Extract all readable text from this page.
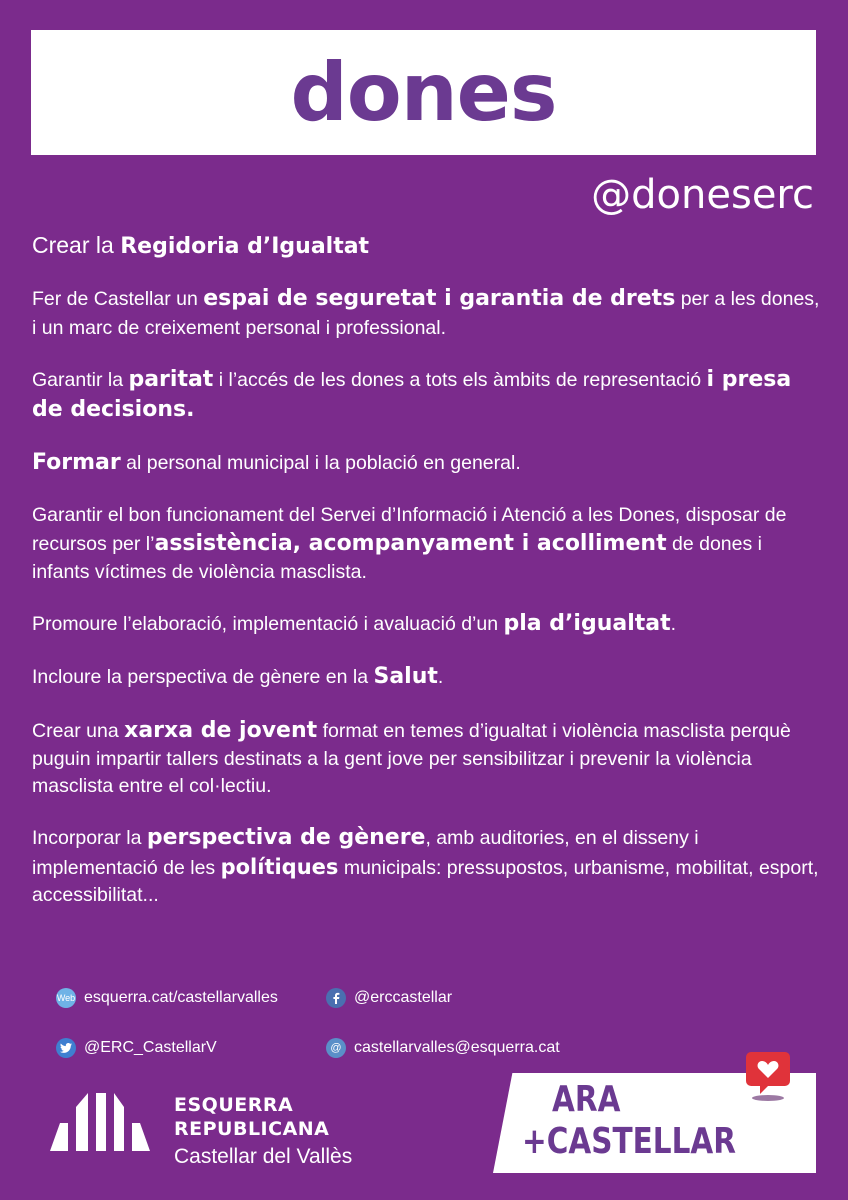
dones
@doneserc

Crear la Regidoria d’Igualtat

Fer de Castellar un espai de seguretat i garantia de drets per a les dones, i un marc de creixement personal i professional.

Garantir la paritat i l’accés de les dones a tots els àmbits de representació i presa de decisions.

Formar al personal municipal i la població en general.

Garantir el bon funcionament del Servei d’Informació i Atenció a les Dones, disposar de recursos per l’assistència, acompanyament i acolliment de dones i infants víctimes de violència masclista.

Promoure l’elaboració, implementació i avaluació d’un pla d’igualtat.

Incloure la perspectiva de gènere en la Salut.

Crear una xarxa de jovent format en temes d’igualtat i violència masclista perquè puguin impartir tallers destinats a la gent jove per sensibilitzar i prevenir la violència masclista entre el col·lectiu.

Incorporar la perspectiva de gènere, amb auditories, en el disseny i implementació de les polítiques municipals: pressupostos, urbanisme, mobilitat, esport, accessibilitat...

Web esquerra.cat/castellarvalles	@erccastellar
@ERC_CastellarV	@ castellarvalles@esquerra.cat
ESQUERRA
REPUBLICANA
Castellar del Vallès
ARA
+CASTELLAR
